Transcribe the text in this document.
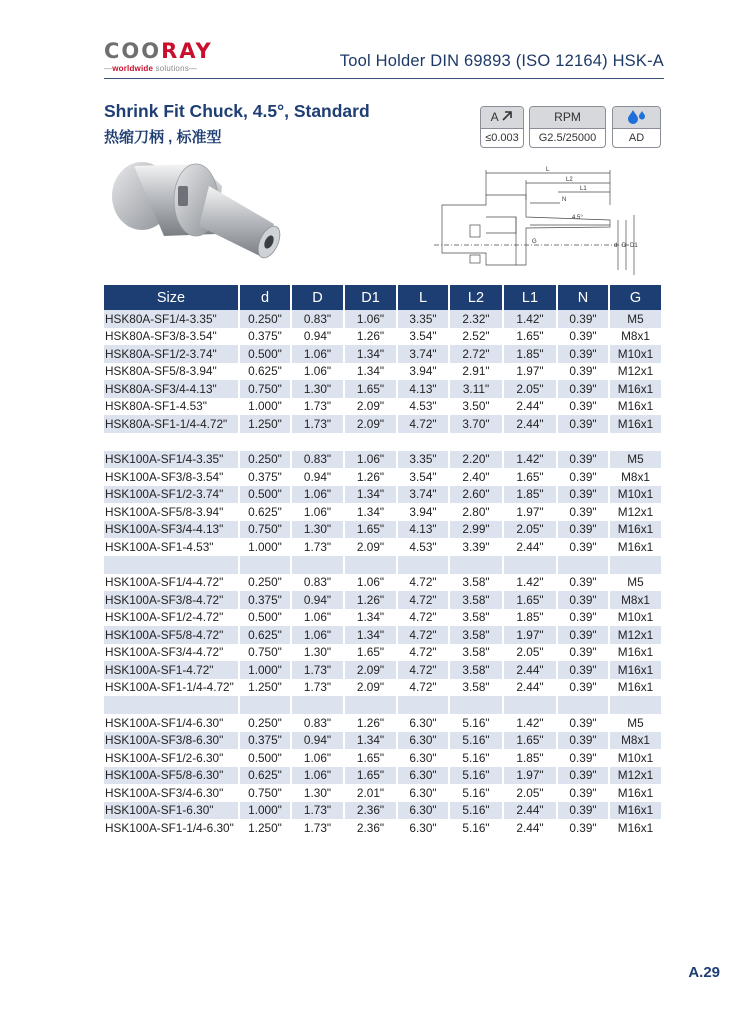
COORAY
—worldwide solutions—	Tool Holder DIN 69893 (ISO 12164) HSK-A
Shrink Fit Chuck, 4.5°, Standard
热缩刀柄 , 标准型
A
≤0.003
RPM
G2.5/25000	AD
L
L2
L1
N
4.5°
d D D1
G
Size	d	D	D1	L	L2	L1	N	G
HSK80A-SF1/4-3.35"	0.250"	0.83"	1.06"	3.35"	2.32"	1.42"	0.39"	M5
HSK80A-SF3/8-3.54"	0.375"	0.94"	1.26"	3.54"	2.52"	1.65"	0.39"	M8x1
HSK80A-SF1/2-3.74"	0.500"	1.06"	1.34"	3.74"	2.72"	1.85"	0.39"	M10x1
HSK80A-SF5/8-3.94"	0.625"	1.06"	1.34"	3.94"	2.91"	1.97"	0.39"	M12x1
HSK80A-SF3/4-4.13"	0.750"	1.30"	1.65"	4.13"	3.11"	2.05"	0.39"	M16x1
HSK80A-SF1-4.53"	1.000"	1.73"	2.09"	4.53"	3.50"	2.44"	0.39"	M16x1
HSK80A-SF1-1/4-4.72"	1.250"	1.73"	2.09"	4.72"	3.70"	2.44"	0.39"	M16x1

HSK100A-SF1/4-3.35"	0.250"	0.83"	1.06"	3.35"	2.20"	1.42"	0.39"	M5
HSK100A-SF3/8-3.54"	0.375"	0.94"	1.26"	3.54"	2.40"	1.65"	0.39"	M8x1
HSK100A-SF1/2-3.74"	0.500"	1.06"	1.34"	3.74"	2.60"	1.85"	0.39"	M10x1
HSK100A-SF5/8-3.94"	0.625"	1.06"	1.34"	3.94"	2.80"	1.97"	0.39"	M12x1
HSK100A-SF3/4-4.13"	0.750"	1.30"	1.65"	4.13"	2.99"	2.05"	0.39"	M16x1
HSK100A-SF1-4.53"	1.000"	1.73"	2.09"	4.53"	3.39"	2.44"	0.39"	M16x1

HSK100A-SF1/4-4.72"	0.250"	0.83"	1.06"	4.72"	3.58"	1.42"	0.39"	M5
HSK100A-SF3/8-4.72"	0.375"	0.94"	1.26"	4.72"	3.58"	1.65"	0.39"	M8x1
HSK100A-SF1/2-4.72"	0.500"	1.06"	1.34"	4.72"	3.58"	1.85"	0.39"	M10x1
HSK100A-SF5/8-4.72"	0.625"	1.06"	1.34"	4.72"	3.58"	1.97"	0.39"	M12x1
HSK100A-SF3/4-4.72"	0.750"	1.30"	1.65"	4.72"	3.58"	2.05"	0.39"	M16x1
HSK100A-SF1-4.72"	1.000"	1.73"	2.09"	4.72"	3.58"	2.44"	0.39"	M16x1
HSK100A-SF1-1/4-4.72"	1.250"	1.73"	2.09"	4.72"	3.58"	2.44"	0.39"	M16x1

HSK100A-SF1/4-6.30"	0.250"	0.83"	1.26"	6.30"	5.16"	1.42"	0.39"	M5
HSK100A-SF3/8-6.30"	0.375"	0.94"	1.34"	6.30"	5.16"	1.65"	0.39"	M8x1
HSK100A-SF1/2-6.30"	0.500"	1.06"	1.65"	6.30"	5.16"	1.85"	0.39"	M10x1
HSK100A-SF5/8-6.30"	0.625"	1.06"	1.65"	6.30"	5.16"	1.97"	0.39"	M12x1
HSK100A-SF3/4-6.30"	0.750"	1.30"	2.01"	6.30"	5.16"	2.05"	0.39"	M16x1
HSK100A-SF1-6.30"	1.000"	1.73"	2.36"	6.30"	5.16"	2.44"	0.39"	M16x1
HSK100A-SF1-1/4-6.30"	1.250"	1.73"	2.36"	6.30"	5.16"	2.44"	0.39"	M16x1
A.29
